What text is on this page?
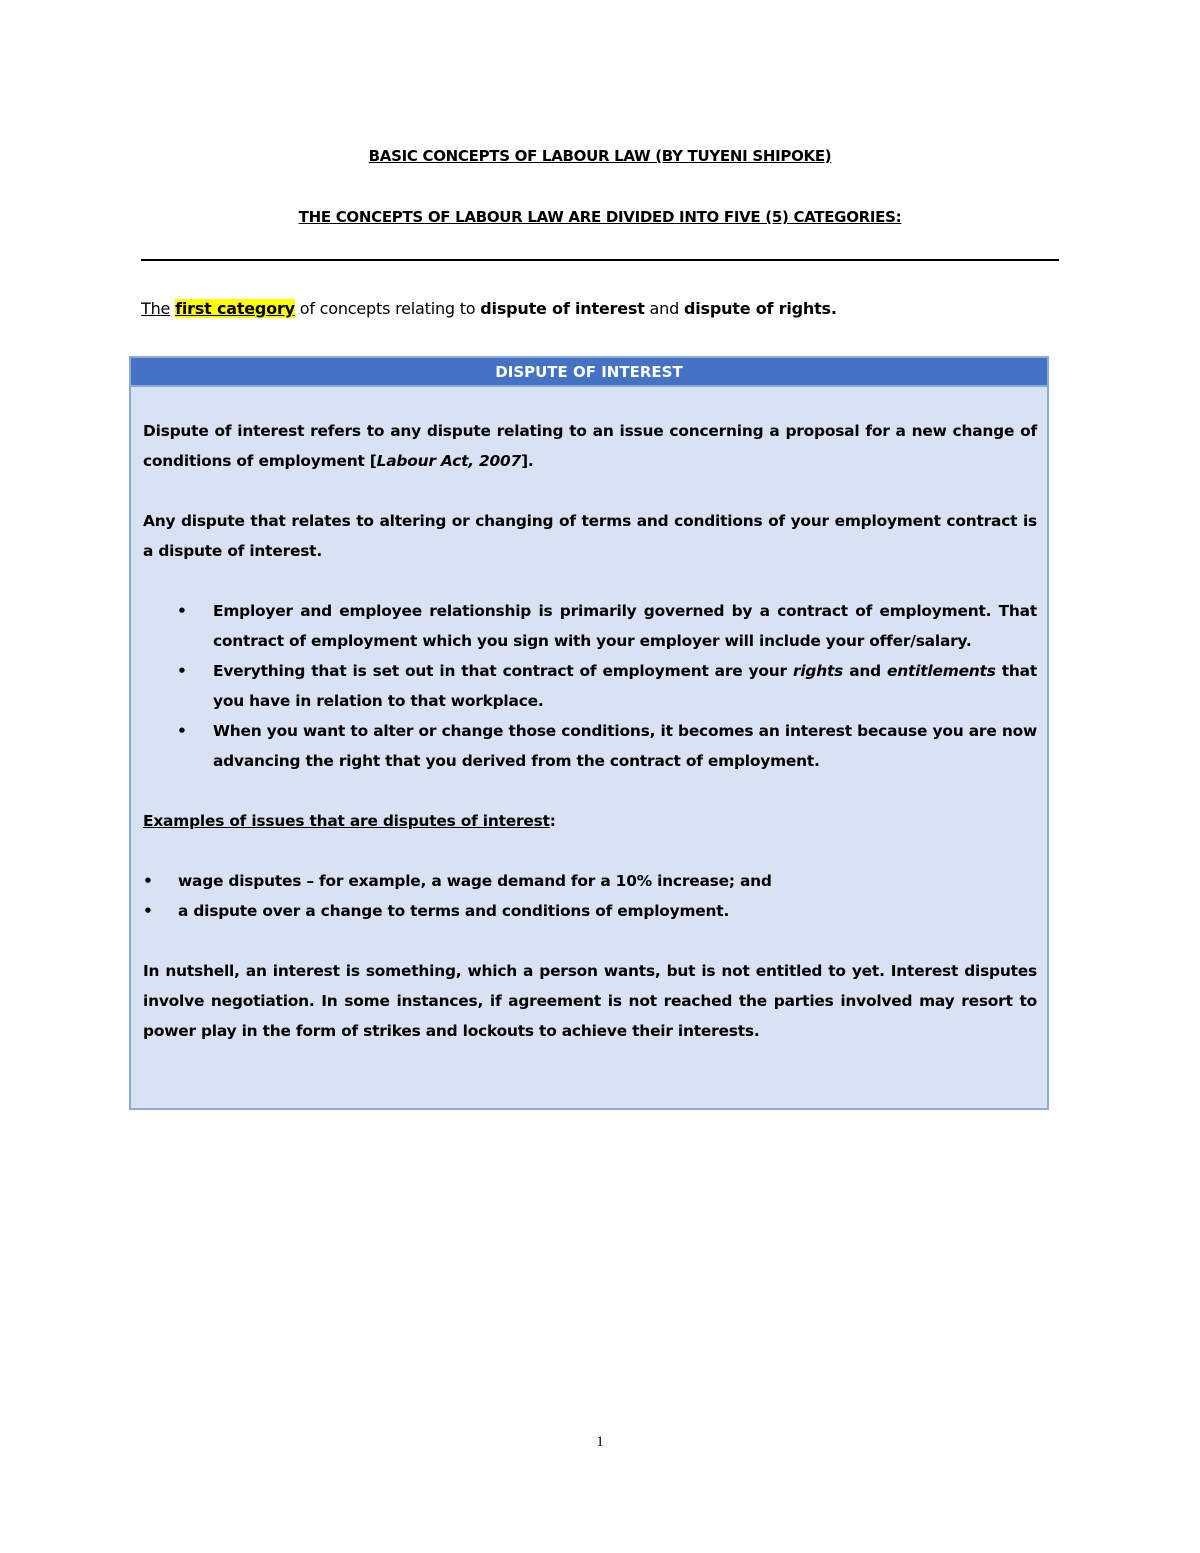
BASIC CONCEPTS OF LABOUR LAW (BY TUYENI SHIPOKE)
THE CONCEPTS OF LABOUR LAW ARE DIVIDED INTO FIVE (5) CATEGORIES:
The first category of concepts relating to dispute of interest and dispute of rights.
DISPUTE OF INTEREST

Dispute of interest refers to any dispute relating to an issue concerning a proposal for a new change of conditions of employment [Labour Act, 2007].

Any dispute that relates to altering or changing of terms and conditions of your employment contract is a dispute of interest.

• Employer and employee relationship is primarily governed by a contract of employment. That contract of employment which you sign with your employer will include your offer/salary.
• Everything that is set out in that contract of employment are your rights and entitlements that you have in relation to that workplace.
• When you want to alter or change those conditions, it becomes an interest because you are now advancing the right that you derived from the contract of employment.

Examples of issues that are disputes of interest:

• wage disputes – for example, a wage demand for a 10% increase; and
• a dispute over a change to terms and conditions of employment.

In nutshell, an interest is something, which a person wants, but is not entitled to yet. Interest disputes involve negotiation. In some instances, if agreement is not reached the parties involved may resort to power play in the form of strikes and lockouts to achieve their interests.

1
